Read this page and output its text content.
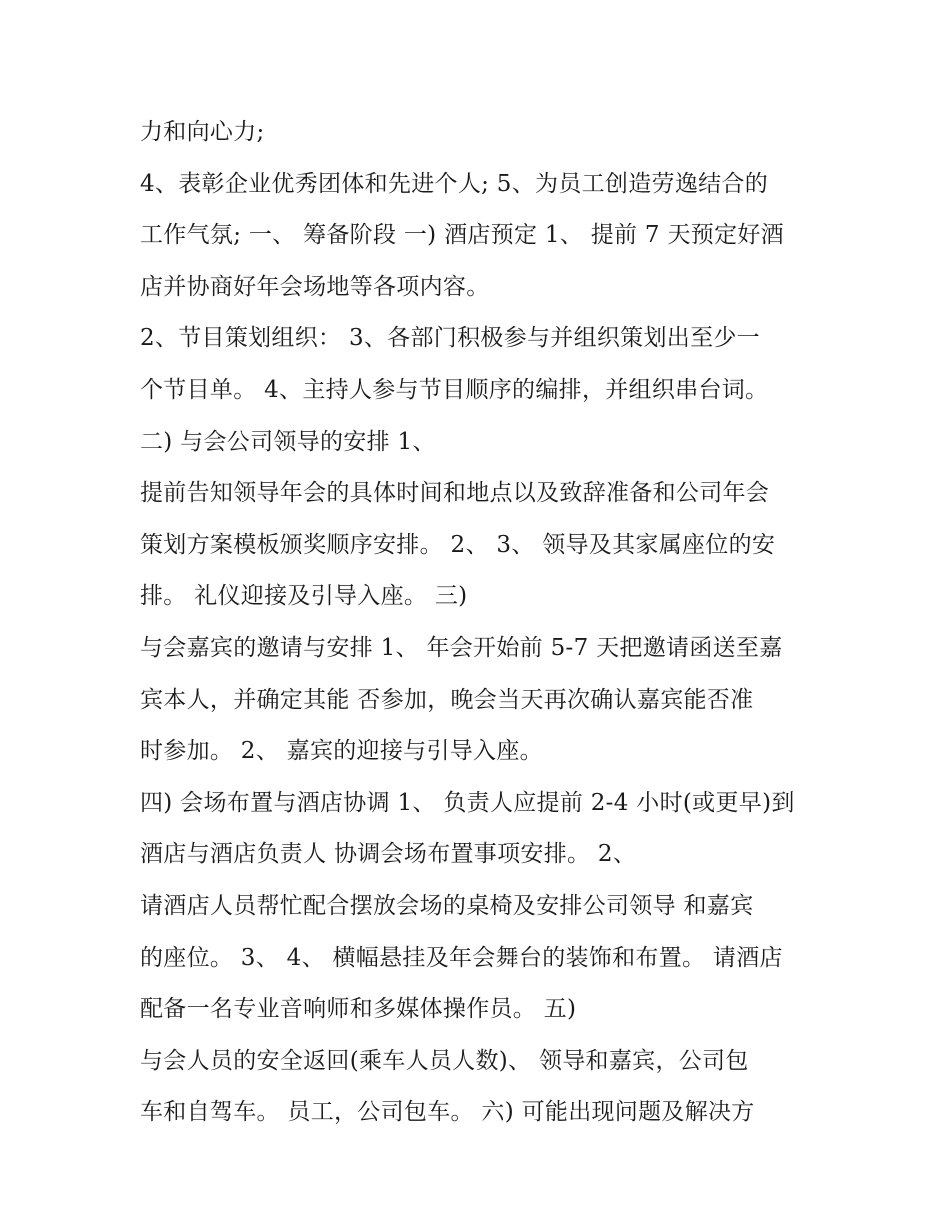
力和向心力;
4、表彰企业优秀团体和先进个人; 5、为员工创造劳逸结合的
工作气氛; 一、 筹备阶段 一) 酒店预定 1、 提前 7 天预定好酒
店并协商好年会场地等各项内容。
2、节目策划组织： 3、各部门积极参与并组织策划出至少一
个节目单。 4、主持人参与节目顺序的编排，并组织串台词。
二) 与会公司领导的安排 1、
提前告知领导年会的具体时间和地点以及致辞准备和公司年会
策划方案模板颁奖顺序安排。 2、 3、 领导及其家属座位的安
排。 礼仪迎接及引导入座。 三)
与会嘉宾的邀请与安排 1、 年会开始前 5-7 天把邀请函送至嘉
宾本人，并确定其能 否参加，晚会当天再次确认嘉宾能否准
时参加。 2、 嘉宾的迎接与引导入座。
四) 会场布置与酒店协调 1、 负责人应提前 2-4 小时(或更早)到
酒店与酒店负责人 协调会场布置事项安排。 2、
请酒店人员帮忙配合摆放会场的桌椅及安排公司领导 和嘉宾
的座位。 3、 4、 横幅悬挂及年会舞台的装饰和布置。 请酒店
配备一名专业音响师和多媒体操作员。 五)
与会人员的安全返回(乘车人员人数)、 领导和嘉宾，公司包
车和自驾车。 员工，公司包车。 六) 可能出现问题及解决方
